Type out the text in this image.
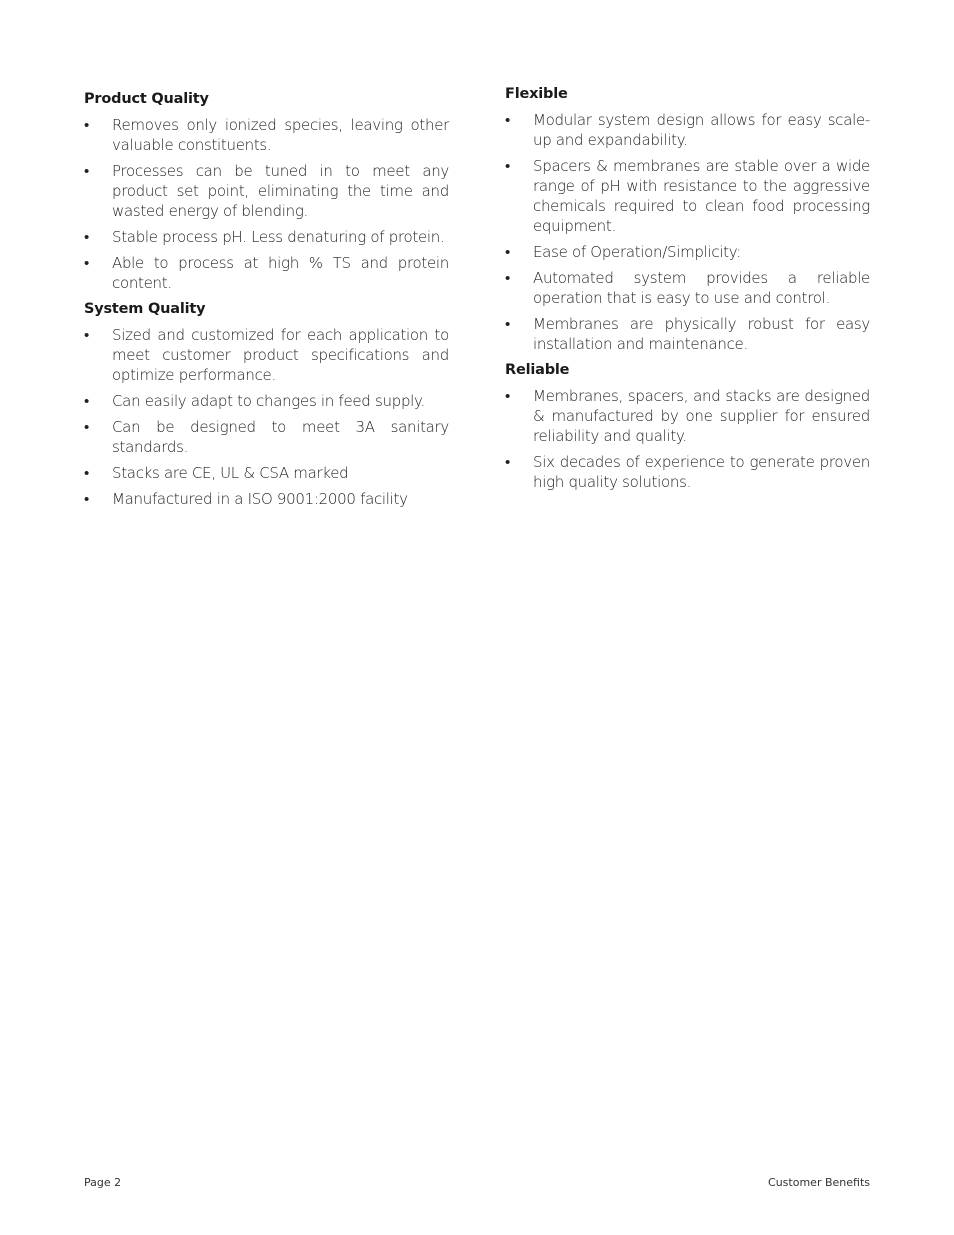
Product Quality
•	Removes only ionized species, leaving other valuable constituents.
•	Processes can be tuned in to meet any product set point, eliminating the time and wasted energy of blending.
•	Stable process pH. Less denaturing of protein.
•	Able to process at high % TS and protein content.
System Quality
•	Sized and customized for each application to meet customer product specifications and optimize performance.
•	Can easily adapt to changes in feed supply.
•	Can be designed to meet 3A sanitary standards.
•	Stacks are CE, UL & CSA marked
•	Manufactured in a ISO 9001:2000 facility
Flexible
•	Modular system design allows for easy scale-up and expandability.
•	Spacers & membranes are stable over a wide range of pH with resistance to the aggressive chemicals required to clean food processing equipment.
•	Ease of Operation/Simplicity:
•	Automated system provides a reliable operation that is easy to use and control.
•	Membranes are physically robust for easy installation and maintenance.
Reliable
•	Membranes, spacers, and stacks are designed & manufactured by one supplier for ensured reliability and quality.
•	Six decades of experience to generate proven high quality solutions.
Page 2	Customer Benefits
